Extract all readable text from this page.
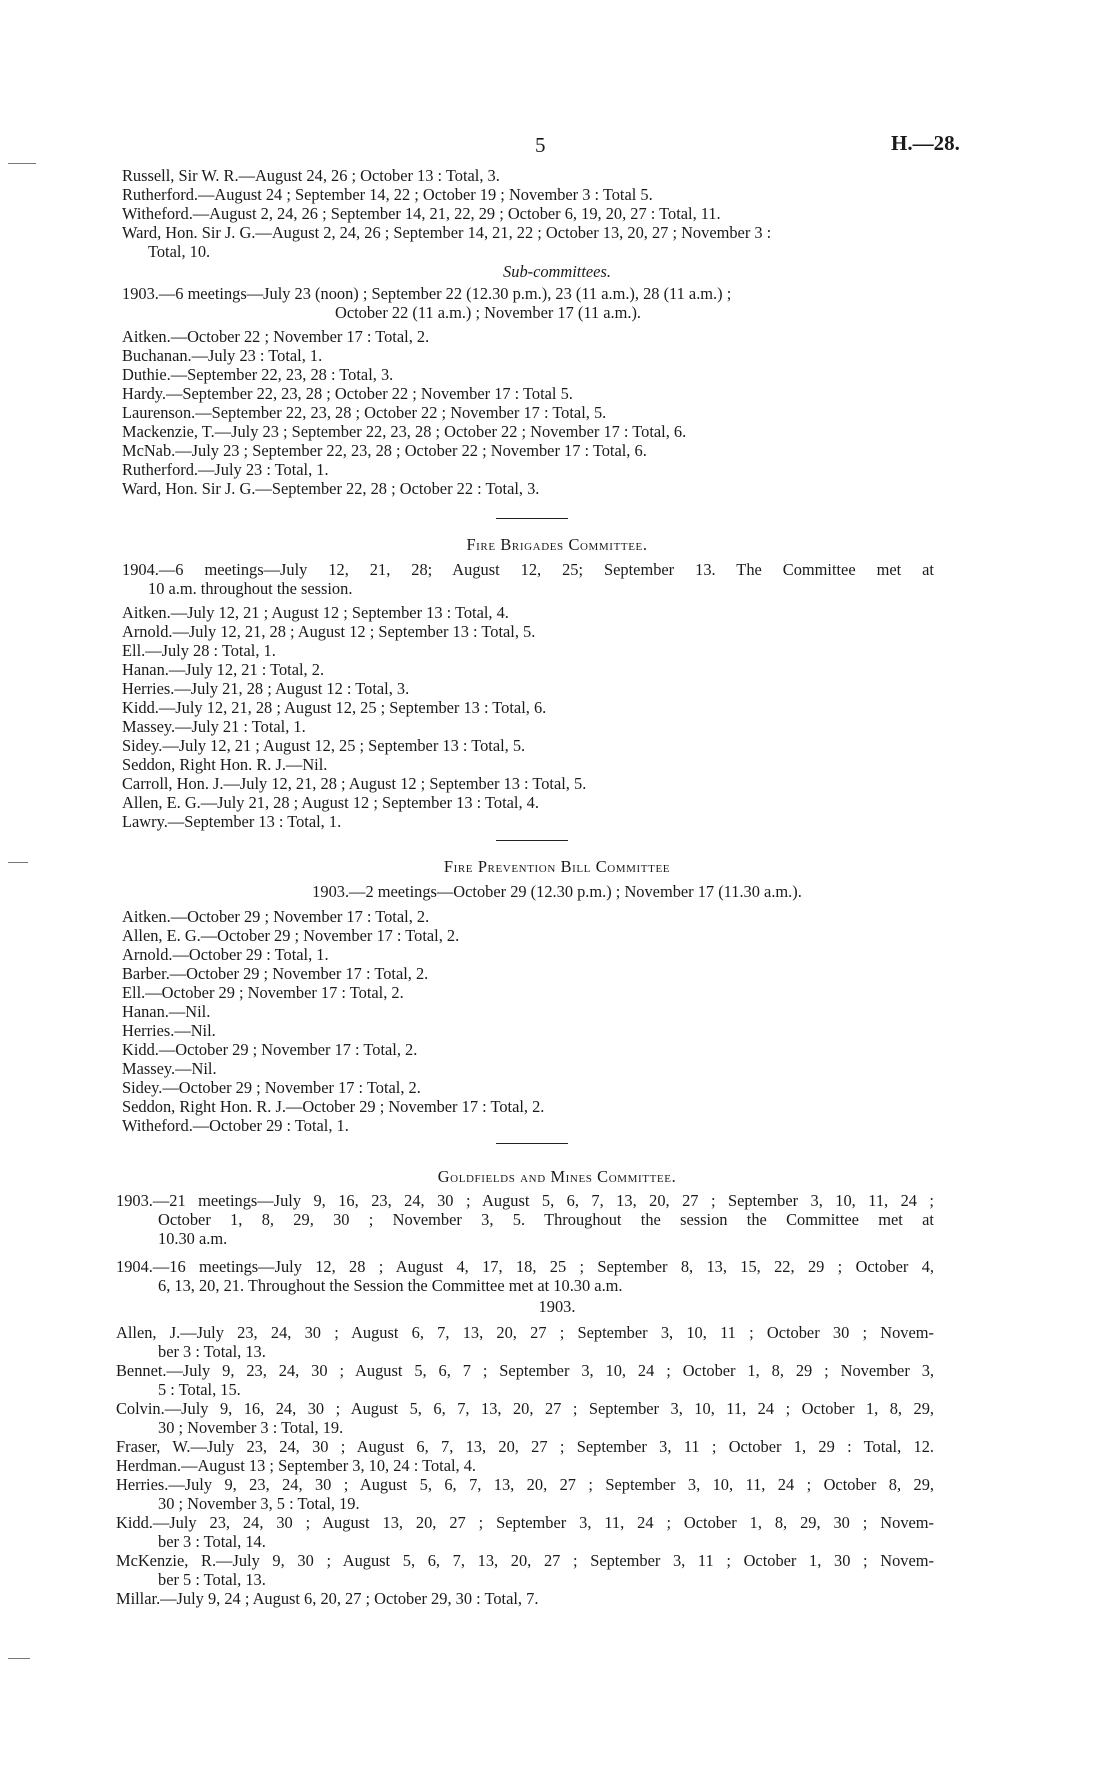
5	H.—28.
Russell, Sir W. R.—August 24, 26 ; October 13 : Total, 3.
Rutherford.—August 24 ; September 14, 22 ; October 19 ; November 3 : Total 5.
Witheford.—August 2, 24, 26 ; September 14, 21, 22, 29 ; October 6, 19, 20, 27 : Total, 11.
Ward, Hon. Sir J. G.—August 2, 24, 26 ; September 14, 21, 22 ; October 13, 20, 27 ; November 3 :
Total, 10.
Sub-committees.
1903.—6 meetings—July 23 (noon) ; September 22 (12.30 p.m.), 23 (11 a.m.), 28 (11 a.m.) ;
October 22 (11 a.m.) ; November 17 (11 a.m.).
Aitken.—October 22 ; November 17 : Total, 2.
Buchanan.—July 23 : Total, 1.
Duthie.—September 22, 23, 28 : Total, 3.
Hardy.—September 22, 23, 28 ; October 22 ; November 17 : Total 5.
Laurenson.—September 22, 23, 28 ; October 22 ; November 17 : Total, 5.
Mackenzie, T.—July 23 ; September 22, 23, 28 ; October 22 ; November 17 : Total, 6.
McNab.—July 23 ; September 22, 23, 28 ; October 22 ; November 17 : Total, 6.
Rutherford.—July 23 : Total, 1.
Ward, Hon. Sir J. G.—September 22, 28 ; October 22 : Total, 3.
Fire Brigades Committee.
1904.—6 meetings—July 12, 21, 28; August 12, 25; September 13. The Committee met at
10 a.m. throughout the session.
Aitken.—July 12, 21 ; August 12 ; September 13 : Total, 4.
Arnold.—July 12, 21, 28 ; August 12 ; September 13 : Total, 5.
Ell.—July 28 : Total, 1.
Hanan.—July 12, 21 : Total, 2.
Herries.—July 21, 28 ; August 12 : Total, 3.
Kidd.—July 12, 21, 28 ; August 12, 25 ; September 13 : Total, 6.
Massey.—July 21 : Total, 1.
Sidey.—July 12, 21 ; August 12, 25 ; September 13 : Total, 5.
Seddon, Right Hon. R. J.—Nil.
Carroll, Hon. J.—July 12, 21, 28 ; August 12 ; September 13 : Total, 5.
Allen, E. G.—July 21, 28 ; August 12 ; September 13 : Total, 4.
Lawry.—September 13 : Total, 1.
Fire Prevention Bill Committee
1903.—2 meetings—October 29 (12.30 p.m.) ; November 17 (11.30 a.m.).
Aitken.—October 29 ; November 17 : Total, 2.
Allen, E. G.—October 29 ; November 17 : Total, 2.
Arnold.—October 29 : Total, 1.
Barber.—October 29 ; November 17 : Total, 2.
Ell.—October 29 ; November 17 : Total, 2.
Hanan.—Nil.
Herries.—Nil.
Kidd.—October 29 ; November 17 : Total, 2.
Massey.—Nil.
Sidey.—October 29 ; November 17 : Total, 2.
Seddon, Right Hon. R. J.—October 29 ; November 17 : Total, 2.
Witheford.—October 29 : Total, 1.
Goldfields and Mines Committee.
1903.—21 meetings—July 9, 16, 23, 24, 30 ; August 5, 6, 7, 13, 20, 27 ; September 3, 10, 11, 24 ;
October 1, 8, 29, 30 ; November 3, 5. Throughout the session the Committee met at
10.30 a.m.
1904.—16 meetings—July 12, 28 ; August 4, 17, 18, 25 ; September 8, 13, 15, 22, 29 ; October 4,
6, 13, 20, 21. Throughout the Session the Committee met at 10.30 a.m.
1903.
Allen, J.—July 23, 24, 30 ; August 6, 7, 13, 20, 27 ; September 3, 10, 11 ; October 30 ; Novem-
ber 3 : Total, 13.
Bennet.—July 9, 23, 24, 30 ; August 5, 6, 7 ; September 3, 10, 24 ; October 1, 8, 29 ; November 3,
5 : Total, 15.
Colvin.—July 9, 16, 24, 30 ; August 5, 6, 7, 13, 20, 27 ; September 3, 10, 11, 24 ; October 1, 8, 29,
30 ; November 3 : Total, 19.
Fraser, W.—July 23, 24, 30 ; August 6, 7, 13, 20, 27 ; September 3, 11 ; October 1, 29 : Total, 12.
Herdman.—August 13 ; September 3, 10, 24 : Total, 4.
Herries.—July 9, 23, 24, 30 ; August 5, 6, 7, 13, 20, 27 ; September 3, 10, 11, 24 ; October 8, 29,
30 ; November 3, 5 : Total, 19.
Kidd.—July 23, 24, 30 ; August 13, 20, 27 ; September 3, 11, 24 ; October 1, 8, 29, 30 ; Novem-
ber 3 : Total, 14.
McKenzie, R.—July 9, 30 ; August 5, 6, 7, 13, 20, 27 ; September 3, 11 ; October 1, 30 ; Novem-
ber 5 : Total, 13.
Millar.—July 9, 24 ; August 6, 20, 27 ; October 29, 30 : Total, 7.
